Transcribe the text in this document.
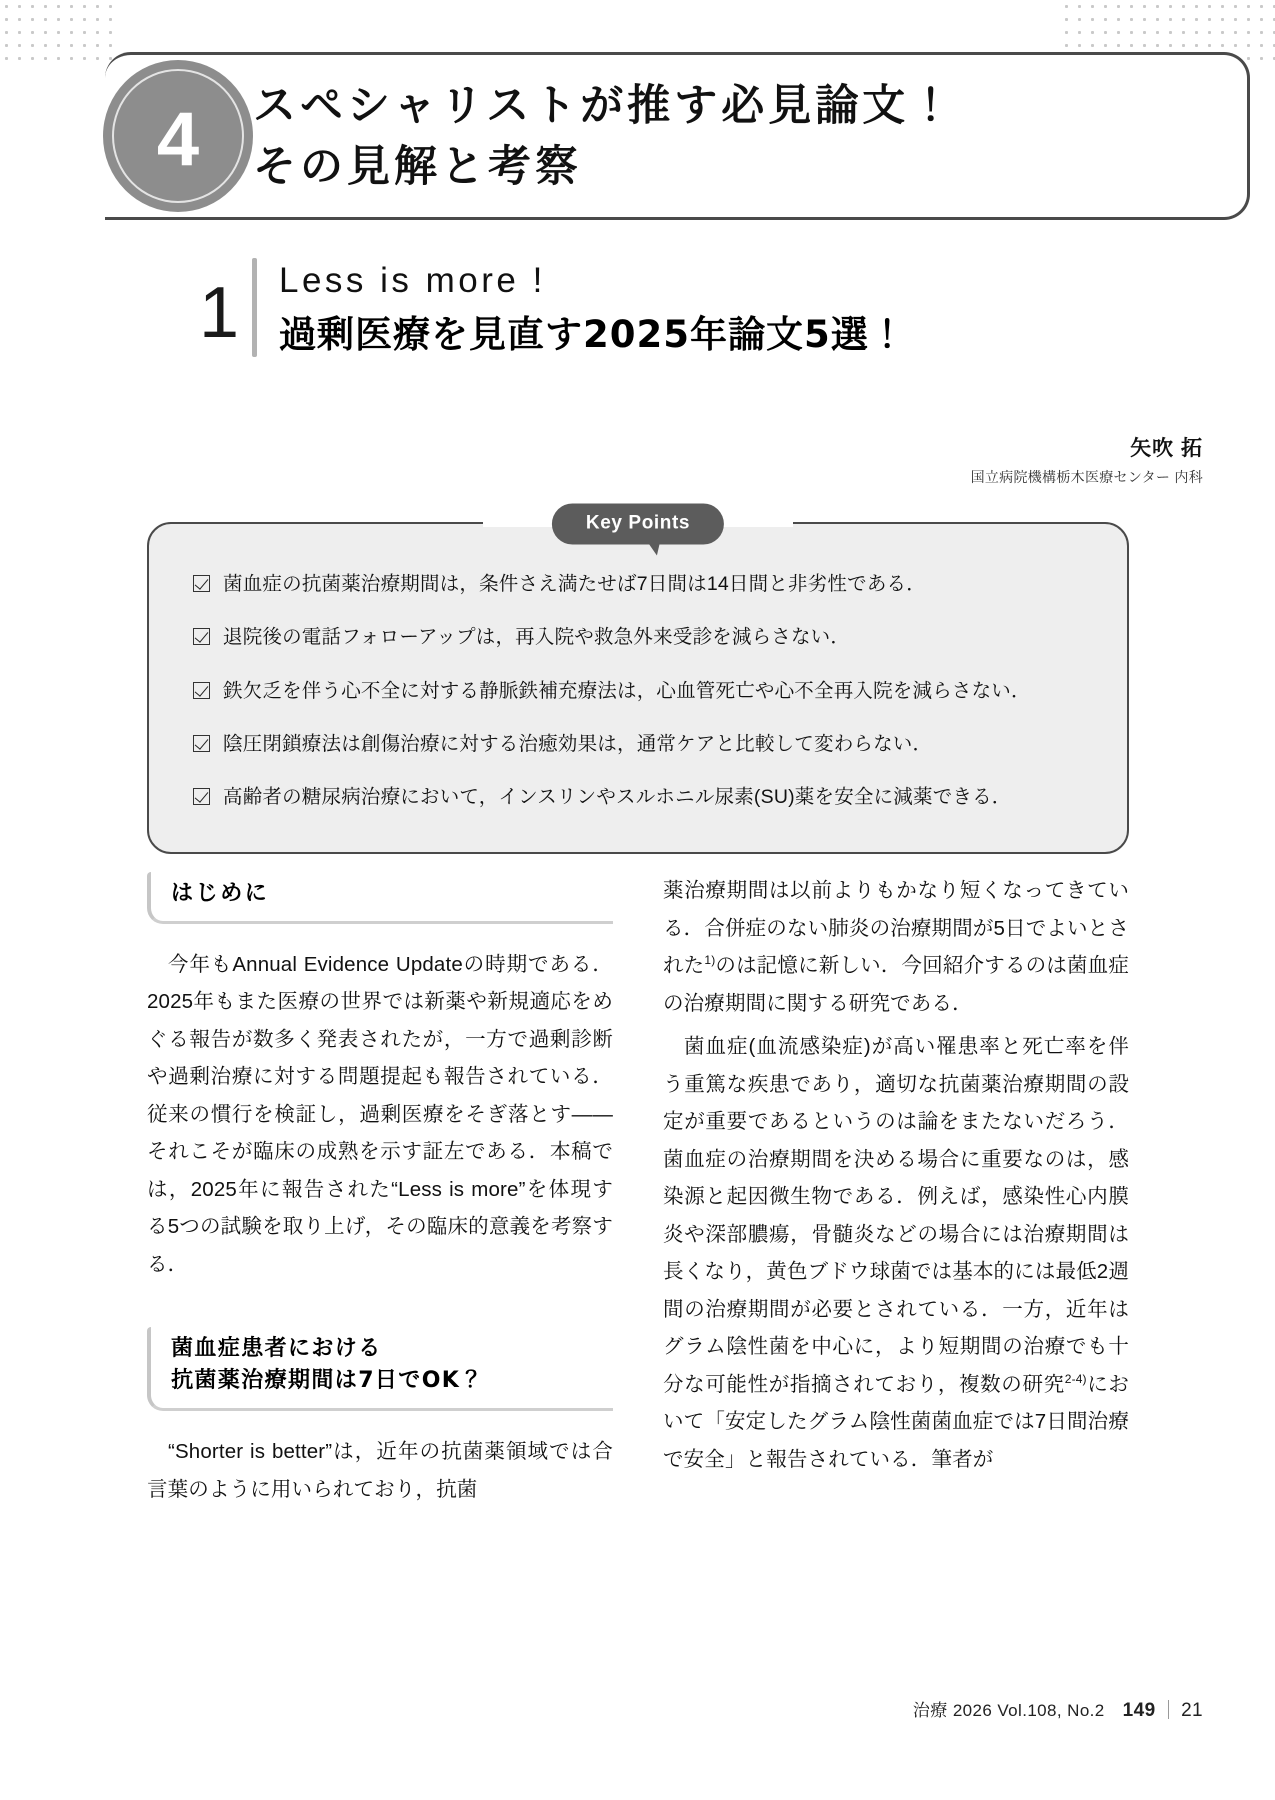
4 スペシャリストが推す必見論文！
その見解と考察
1 Less is more !
過剰医療を見直す2025年論文5選！
矢吹 拓
国立病院機構栃木医療センター 内科
Key Points
菌血症の抗菌薬治療期間は，条件さえ満たせば7日間は14日間と非劣性である．
退院後の電話フォローアップは，再入院や救急外来受診を減らさない．
鉄欠乏を伴う心不全に対する静脈鉄補充療法は，心血管死亡や心不全再入院を減らさない．
陰圧閉鎖療法は創傷治療に対する治癒効果は，通常ケアと比較して変わらない．
高齢者の糖尿病治療において，インスリンやスルホニル尿素(SU)薬を安全に減薬できる．
はじめに

今年もAnnual Evidence Updateの時期である．2025年もまた医療の世界では新薬や新規適応をめぐる報告が数多く発表されたが，一方で過剰診断や過剰治療に対する問題提起も報告されている．従来の慣行を検証し，過剰医療をそぎ落とす——それこそが臨床の成熟を示す証左である．本稿では，2025年に報告された“Less is more”を体現する5つの試験を取り上げ，その臨床的意義を考察する．

菌血症患者における
抗菌薬治療期間は7日でOK？

“Shorter is better”は，近年の抗菌薬領域では合言葉のように用いられており，抗菌

薬治療期間は以前よりもかなり短くなってきている．合併症のない肺炎の治療期間が5日でよいとされた$^{1)}$のは記憶に新しい．今回紹介するのは菌血症の治療期間に関する研究である．

菌血症(血流感染症)が高い罹患率と死亡率を伴う重篤な疾患であり，適切な抗菌薬治療期間の設定が重要であるというのは論をまたないだろう．菌血症の治療期間を決める場合に重要なのは，感染源と起因微生物である．例えば，感染性心内膜炎や深部膿瘍，骨髄炎などの場合には治療期間は長くなり，黄色ブドウ球菌では基本的には最低2週間の治療期間が必要とされている．一方，近年はグラム陰性菌を中心に，より短期間の治療でも十分な可能性が指摘されており，複数の研究$^{2-4)}$において「安定したグラム陰性菌菌血症では7日間治療で安全」と報告されている．筆者が

治療 2026 Vol.108, No.2 149 21
